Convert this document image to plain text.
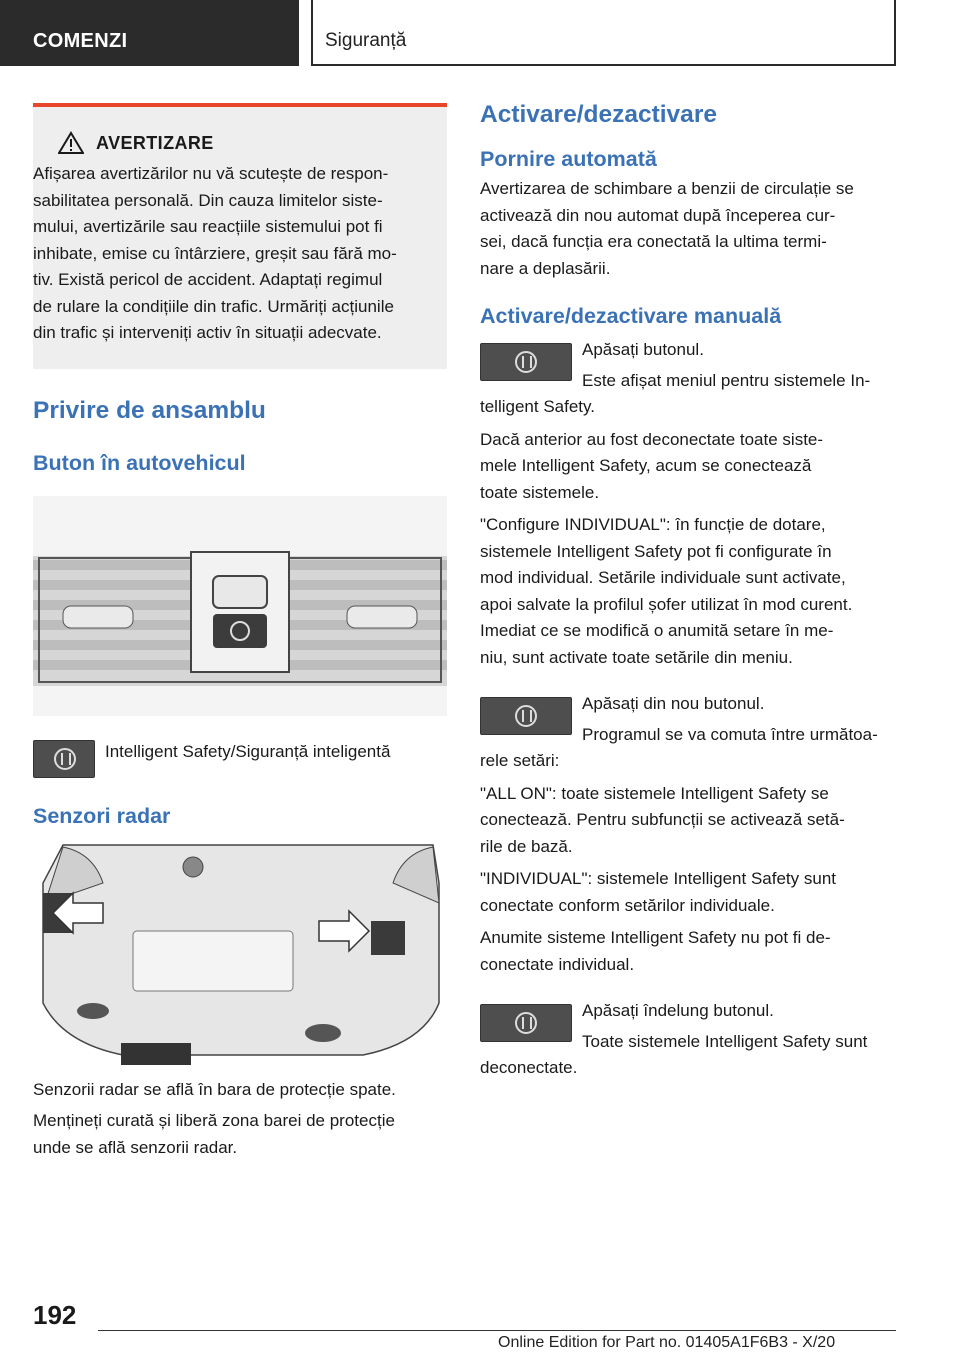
COMENZI	Siguranță
AVERTIZARE
Afișarea avertizărilor nu vă scutește de respon‐
sabilitatea personală. Din cauza limitelor siste‐
mului, avertizările sau reacțiile sistemului pot fi
inhibate, emise cu întârziere, greșit sau fără mo‐
tiv. Există pericol de accident. Adaptați regimul
de rulare la condițiile din trafic. Urmăriți acțiunile
din trafic și interveniți activ în situații adecvate.
Privire de ansamblu
Buton în autovehicul

Intelligent Safety/Siguranță inteligentă

Senzori radar

Senzorii radar se află în bara de protecție spate.

Mențineți curată și liberă zona barei de protecție

unde se află senzorii radar.

Activare/dezactivare
Pornire automată

Avertizarea de schimbare a benzii de circulație se

activează din nou automat după începerea cur‐

sei, dacă funcția era conectată la ultima termi‐

nare a deplasării.

Activare/dezactivare manuală

Apăsați butonul.

Este afișat meniul pentru sistemele In‐

telligent Safety.

Dacă anterior au fost deconectate toate siste‐

mele Intelligent Safety, acum se conectează

toate sistemele.

"Configure INDIVIDUAL": în funcție de dotare,

sistemele Intelligent Safety pot fi configurate în

mod individual. Setările individuale sunt activate,

apoi salvate la profilul șofer utilizat în mod curent.

Imediat ce se modifică o anumită setare în me‐

niu, sunt activate toate setările din meniu.

Apăsați din nou butonul.

Programul se va comuta între următoa‐

rele setări:

"ALL ON": toate sistemele Intelligent Safety se

conectează. Pentru subfuncții se activează setă‐

rile de bază.

"INDIVIDUAL": sistemele Intelligent Safety sunt

conectate conform setărilor individuale.

Anumite sisteme Intelligent Safety nu pot fi de‐

conectate individual.

Apăsați îndelung butonul.

Toate sistemele Intelligent Safety sunt

deconectate.

192
Online Edition for Part no. 01405A1F6B3 - X/20
